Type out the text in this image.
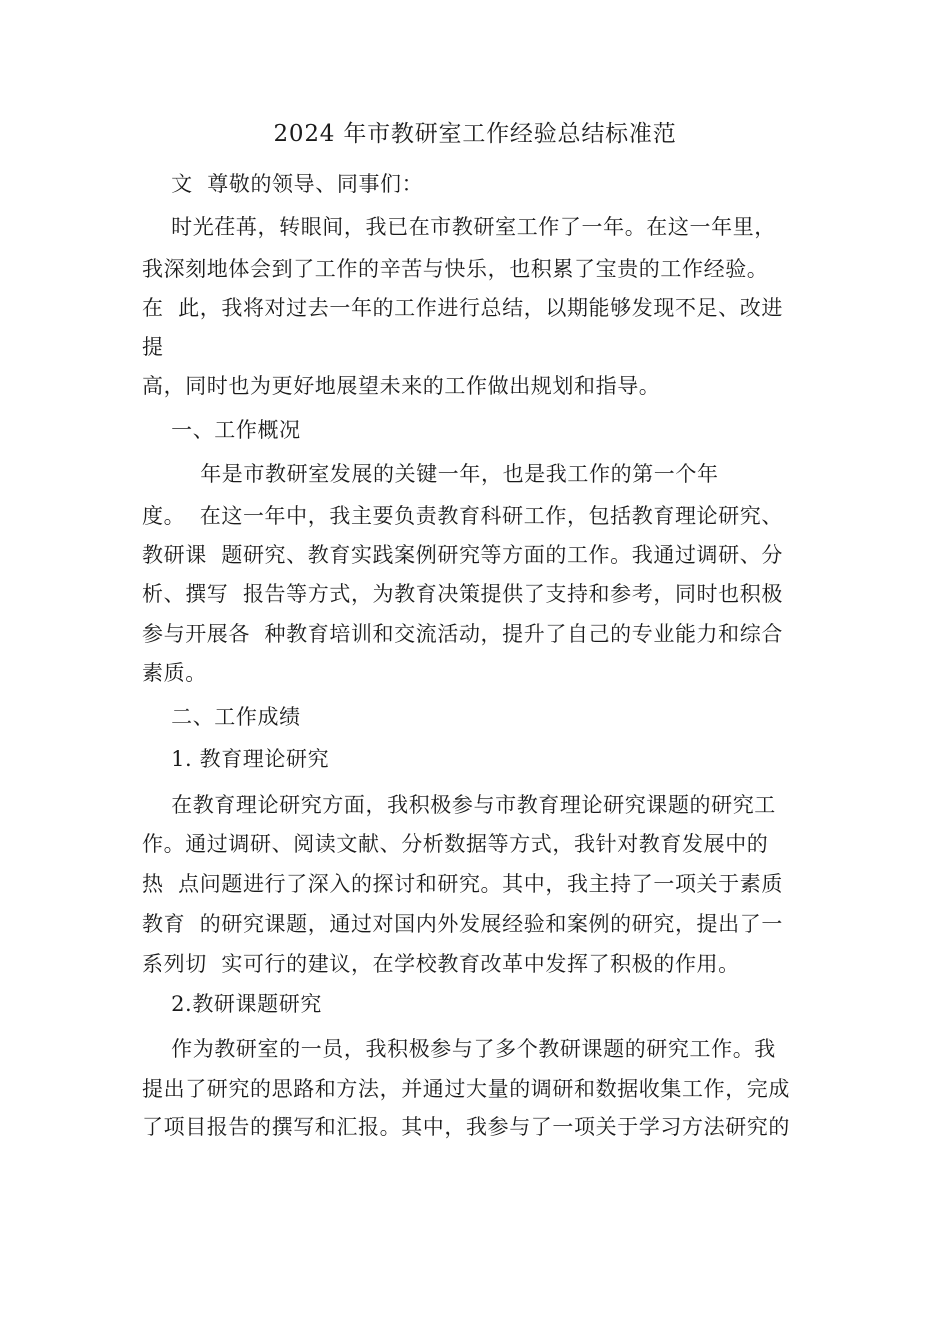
2024 年市教研室工作经验总结标准范
文  尊敬的领导、同事们：
时光荏苒，转眼间，我已在市教研室工作了一年。在这一年里，
我深刻地体会到了工作的辛苦与快乐，也积累了宝贵的工作经验。
在  此，我将对过去一年的工作进行总结，以期能够发现不足、改进
提
高，同时也为更好地展望未来的工作做出规划和指导。
一、工作概况
年是市教研室发展的关键一年，也是我工作的第一个年
度。  在这一年中，我主要负责教育科研工作，包括教育理论研究、
教研课  题研究、教育实践案例研究等方面的工作。我通过调研、分
析、撰写  报告等方式，为教育决策提供了支持和参考，同时也积极
参与开展各  种教育培训和交流活动，提升了自己的专业能力和综合
素质。
二、工作成绩
1. 教育理论研究
在教育理论研究方面，我积极参与市教育理论研究课题的研究工
作。通过调研、阅读文献、分析数据等方式，我针对教育发展中的
热  点问题进行了深入的探讨和研究。其中，我主持了一项关于素质
教育  的研究课题，通过对国内外发展经验和案例的研究，提出了一
系列切  实可行的建议，在学校教育改革中发挥了积极的作用。
2.教研课题研究
作为教研室的一员，我积极参与了多个教研课题的研究工作。我
提出了研究的思路和方法，并通过大量的调研和数据收集工作，完成
了项目报告的撰写和汇报。其中，我参与了一项关于学习方法研究的
